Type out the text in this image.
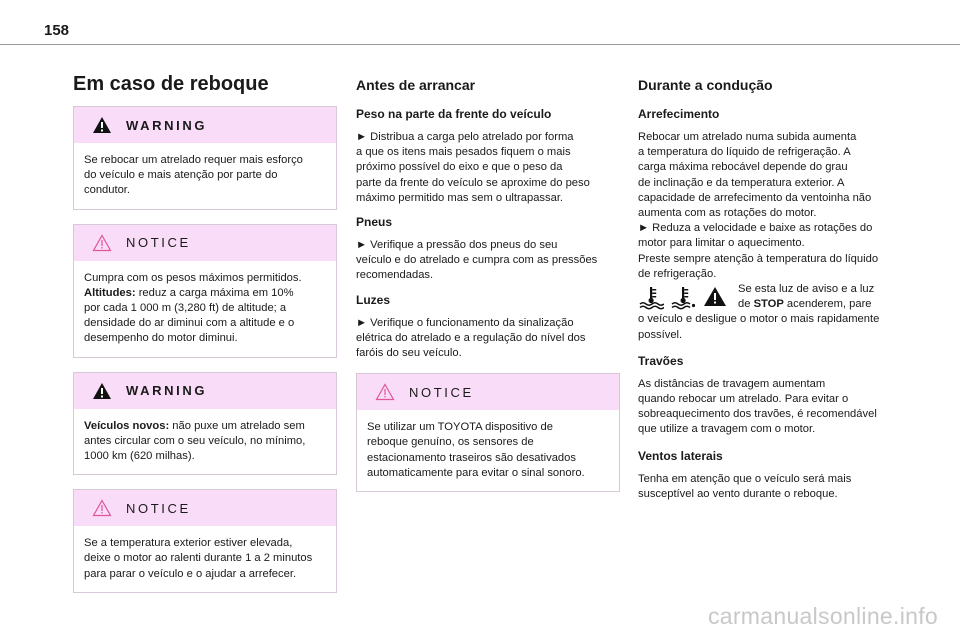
158
Em caso de reboque
WARNING

Se rebocar um atrelado requer mais esforço
do veículo e mais atenção por parte do
condutor.

NOTICE

Cumpra com os pesos máximos permitidos.
Altitudes: reduz a carga máxima em 10%
por cada 1 000 m (3,280 ft) de altitude; a
densidade do ar diminui com a altitude e o
desempenho do motor diminui.

WARNING

Veículos novos: não puxe um atrelado sem
antes circular com o seu veículo, no mínimo,
1000 km (620 milhas).

NOTICE

Se a temperatura exterior estiver elevada,
deixe o motor ao ralenti durante 1 a 2 minutos
para parar o veículo e o ajudar a arrefecer.

Antes de arrancar
Peso na parte da frente do veículo

► Distribua a carga pelo atrelado por forma
a que os itens mais pesados fiquem o mais
próximo possível do eixo e que o peso da
parte da frente do veículo se aproxime do peso
máximo permitido mas sem o ultrapassar.

Pneus

► Verifique a pressão dos pneus do seu
veículo e do atrelado e cumpra com as pressões
recomendadas.

Luzes

► Verifique o funcionamento da sinalização
elétrica do atrelado e a regulação do nível dos
faróis do seu veículo.

NOTICE

Se utilizar um TOYOTA dispositivo de
reboque genuíno, os sensores de
estacionamento traseiros são desativados
automaticamente para evitar o sinal sonoro.

Durante a condução
Arrefecimento

Rebocar um atrelado numa subida aumenta
a temperatura do líquido de refrigeração. A
carga máxima rebocável depende do grau
de inclinação e da temperatura exterior. A
capacidade de arrefecimento da ventoinha não
aumenta com as rotações do motor.
► Reduza a velocidade e baixe as rotações do
motor para limitar o aquecimento.
Preste sempre atenção à temperatura do líquido
de refrigeração.

Se esta luz de aviso e a luz
de STOP acenderem, pare

o veículo e desligue o motor o mais rapidamente
possível.

Travões

As distâncias de travagem aumentam
quando rebocar um atrelado. Para evitar o
sobreaquecimento dos travões, é recomendável
que utilize a travagem com o motor.

Ventos laterais

Tenha em atenção que o veículo será mais
susceptível ao vento durante o reboque.

carmanualsonline.info
